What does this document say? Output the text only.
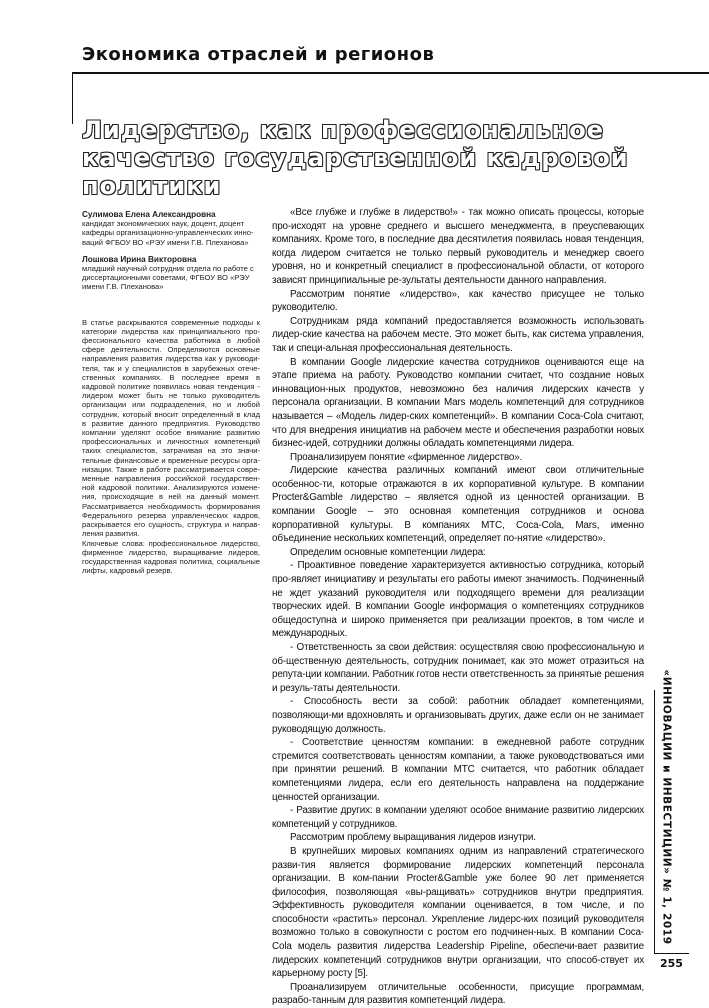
Экономика отраслей и регионов
Лидерство, как профессиональное качество государственной кадровой политики
Сулимова Елена Александровна
кандидат экономических наук, доцент, доцент кафедры организационно-управленческих инно-ваций ФГБОУ ВО «РЭУ имени Г.В. Плеханова»
Лошкова Ирина Викторовна
младший научный сотрудник отдела по работе с диссертационными советами, ФГБОУ ВО «РЭУ имени Г.В. Плеханова»
В статье раскрываются современные подходы к категории лидерства как принципиального про-фессионального качества работника в любой сфере деятельности. Определяются основные направления развития лидерства как у руководи-теля, так и у специалистов в зарубежных отече-ственных компаниях. В последнее время в кадровой политике появилась новая тенденция - лидером может быть не только руководитель организации или подразделения, но и любой сотрудник, который вносит определенный в клад в развитие данного предприятия. Руководство компании уделяют особое внимание развитию профессиональных и личностных компетенций таких специалистов, затрачивая на это значи-тельные финансовые и временные ресурсы орга-низации. Также в работе рассматривается совре-менные направления российской государствен-ной кадровой политики. Анализируются измене-ния, происходящие в ней на данный момент. Рассматривается необходимость формирования Федерального резерва управленческих кадров, раскрывается его сущность, структура и направ-ления развития.
Ключевые слова: профессиональное лидерство, фирменное лидерство, выращивание лидеров, государственная кадровая политика, социальные лифты, кадровый резерв.

«Все глубже и глубже в лидерство!» - так можно описать процессы, которые про-исходят на уровне среднего и высшего менеджмента, в преуспевающих компаниях. Кроме того, в последние два десятилетия появилась новая тенденция, когда лидером считается не только первый руководитель и менеджер своего уровня, но и конкретный специалист в профессиональной области, от которого зависят принципиальные ре-зультаты деятельности данного направления.

Рассмотрим понятие «лидерство», как качество присущее не только руководителю.

Сотрудникам ряда компаний предоставляется возможность использовать лидер-ские качества на рабочем месте. Это может быть, как система управления, так и специ-альная профессиональная деятельность.

В компании Google лидерские качества сотрудников оцениваются еще на этапе приема на работу. Руководство компании считает, что создание новых инновацион-ных продуктов, невозможно без наличия лидерских качеств у персонала организации. В компании Mars модель компетенций для сотрудников называется – «Модель лидер-ских компетенций». В компании Coca-Cola считают, что для внедрения инициатив на рабочем месте и обеспечения разработки новых бизнес-идей, сотрудники должны обладать компетенциями лидера.

Проанализируем понятие «фирменное лидерство».

Лидерские качества различных компаний имеют свои отличительные особеннос-ти, которые отражаются в их корпоративной культуре. В компании Procter&Gamble лидерство – является одной из ценностей организации. В компании Google – это основная компетенция сотрудников и основа корпоративной культуры. В компаниях МТС, Coca-Cola, Mars, именно объединение нескольких компетенций, определяет по-нятие «лидерство».

Определим основные компетенции лидера:

- Проактивное поведение характеризуется активностью сотрудника, который про-являет инициативу и результаты его работы имеют значимость. Подчиненный не ждет указаний руководителя или подходящего времени для реализации творческих идей. В компании Google информация о компетенциях сотрудников общедоступна и широко применяется при реализации проектов, в том числе и международных.

- Ответственность за свои действия: осуществляя свою профессиональную и об-щественную деятельность, сотрудник понимает, как это может отразиться на репута-ции компании. Работник готов нести ответственность за принятые решения и резуль-таты деятельности.

- Способность вести за собой: работник обладает компетенциями, позволяющи-ми вдохновлять и организовывать других, даже если он не занимает руководящую должность.

- Соответствие ценностям компании: в ежедневной работе сотрудник стремится соответствовать ценностям компании, а также руководствоваться ими при принятии решений. В компании МТС считается, что работник обладает компетенциями лидера, если его деятельность направлена на поддержание ценностей организации.

- Развитие других: в компании уделяют особое внимание развитию лидерских компетенций у сотрудников.

Рассмотрим проблему выращивания лидеров изнутри.

В крупнейших мировых компаниях одним из направлений стратегического разви-тия является формирование лидерских компетенций персонала организации. В ком-пании Procter&Gamble уже более 90 лет применяется философия, позволяющая «вы-ращивать» сотрудников внутри предприятия. Эффективность руководителя компании оценивается, в том числе, и по способности «растить» персонал. Укрепление лидерс-ких позиций руководителя возможно только в совокупности с ростом его подчинен-ных. В компании Coca-Cola модель развития лидерства Leadership Pipeline, обеспечи-вает развитие лидерских компетенций сотрудников внутри организации, что способ-ствует их карьерному росту [5].

Проанализируем отличительные особенности, присущие программам, разрабо-танным для развития компетенций лидера.

«ИННОВАЦИИ и ИНВЕСТИЦИИ» № 1, 2019
255
